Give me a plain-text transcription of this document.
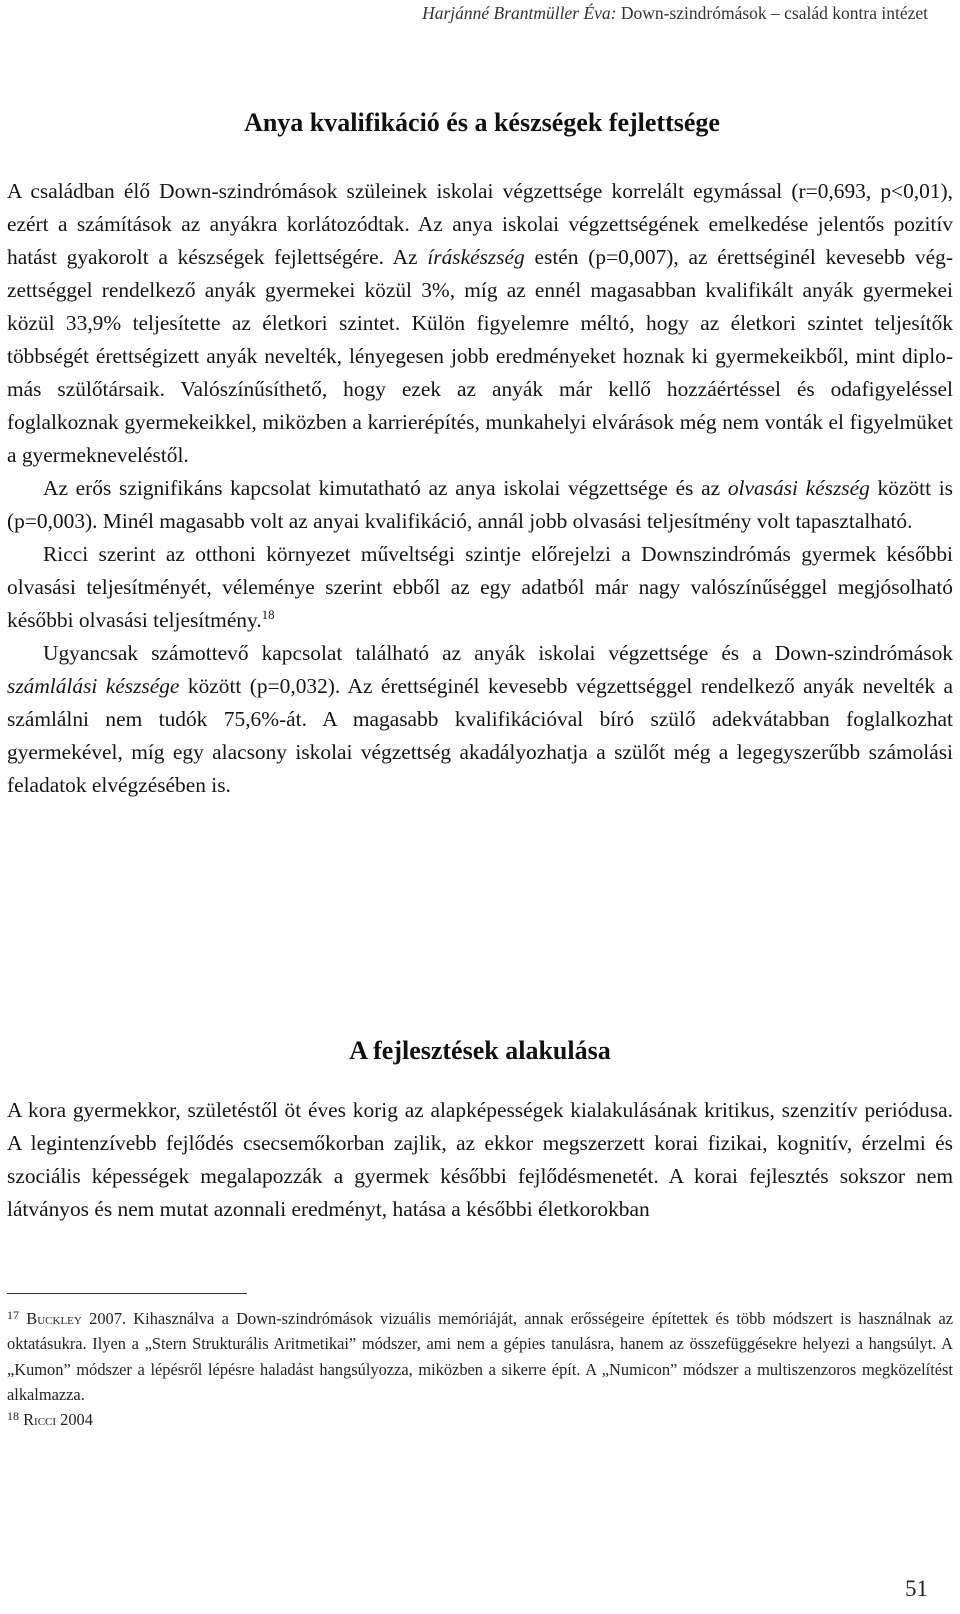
Harjánné Brantmüller Éva: Down-szindrómások – család kontra intézet
Anya kvalifikáció és a készségek fejlettsége

A családban élő Down-szindrómások szüleinek iskolai végzettsége korrelált egymással (r=0,693, p<0,01), ezért a számítások az anyákra korlátozódtak. Az anya iskolai végzettségének emelkedése jelentős pozitív hatást gyakorolt a készségek fejlettségére. Az íráskészség estén (p=0,007), az érettséginél kevesebb végzettséggel rendelkező anyák gyermekei közül 3%, míg az ennél magasabban kvalifikált anyák gyermekei közül 33,9% teljesítette az életkori szintet. Külön figyelemre méltó, hogy az életkori szintet teljesítők többségét érettségizett anyák nevelték, lényegesen jobb eredményeket hoznak ki gyermekeikből, mint diplomás szülőtársaik. Valószínűsíthető, hogy ezek az anyák már kellő hozzáértéssel és odafigyeléssel foglalkoznak gyermekeikkel, miközben a karrierépítés, munkahelyi elvárások még nem vonták el figyelmüket a gyermekneveléstől.

Az erős szignifikáns kapcsolat kimutatható az anya iskolai végzettsége és az olvasási készség között is (p=0,003). Minél magasabb volt az anyai kvalifikáció, annál jobb olvasási teljesítmény volt tapasztalható.

Ricci szerint az otthoni környezet műveltségi szintje előrejelzi a Downszindrómás gyermek későbbi olvasási teljesítményét, véleménye szerint ebből az egy adatból már nagy valószínűséggel megjósolható későbbi olvasási teljesítmény.$^{18}$

Ugyancsak számottevő kapcsolat található az anyák iskolai végzettsége és a Down-szindrómások számlálási készsége között (p=0,032). Az érettséginél kevesebb végzettséggel rendelkező anyák nevelték a számlálni nem tudók 75,6%-át. A magasabb kvalifikációval bíró szülő adekvátabban foglalkozhat gyermekével, míg egy alacsony iskolai végzettség akadályozhatja a szülőt még a legegyszerűbb számolási feladatok elvégzésében is.

A fejlesztések alakulása

A kora gyermekkor, születéstől öt éves korig az alapképességek kialakulásának kritikus, szenzitív periódusa. A legintenzívebb fejlődés csecsemőkorban zajlik, az ekkor megszerzett korai fizikai, kognitív, érzelmi és szociális képességek megalapozzák a gyermek későbbi fejlődésmenetét. A korai fejlesztés sokszor nem látványos és nem mutat azonnali eredményt, hatása a későbbi életkorokban

$^{17}$ Buckley 2007. Kihasználva a Down-szindrómások vizuális memóriáját, annak erősségeire építettek és több módszert is használnak az oktatásukra. Ilyen a „Stern Strukturális Aritmetikai” módszer, ami nem a gépies tanulásra, hanem az összefüggésekre helyezi a hangsúlyt. A „Kumon” módszer a lépésről lépésre haladást hangsúlyozza, miközben a sikerre épít. A „Numicon” módszer a multiszenzoros megközelítést alkalmazza.

$^{18}$ Ricci 2004

51
